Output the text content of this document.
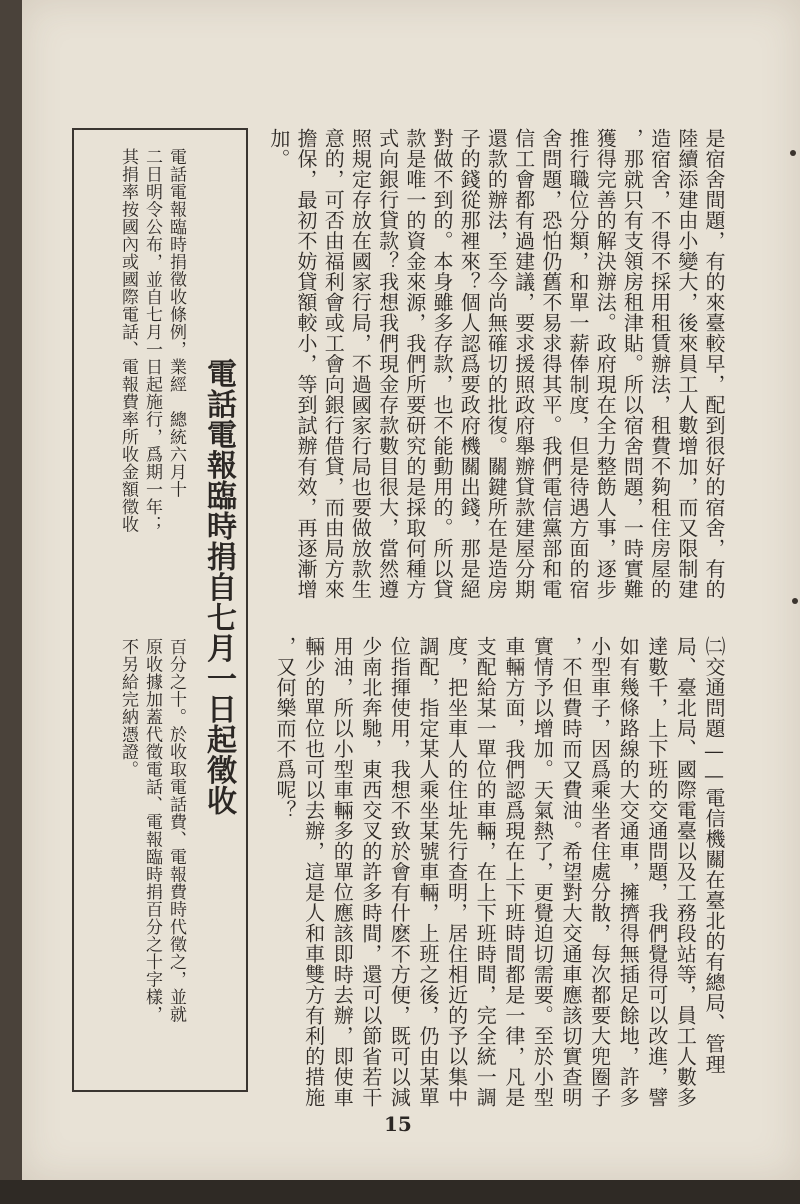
是宿舍間題，有的來臺較早，配到很好的宿舍，有的
陸續添建由小變大，後來員工人數增加，而又限制建
造宿舍，不得不採用租賃辦法，租費不夠租住房屋的
，那就只有支領房租津貼。所以宿舍問題，一時實難
獲得完善的解決辦法。政府現在全力整飭人事，逐步
推行職位分類，和單一薪俸制度，但是待遇方面的宿
舍問題，恐怕仍舊不易求得其平。我們電信黨部和電
信工會都有過建議，要求援照政府舉辦貸款建屋分期
還款的辦法，至今尚無確切的批復。關鍵所在是造房
子的錢從那裡來？個人認爲要政府機關出錢，那是絕
對做不到的。本身雖多存款，也不能動用的。所以貸
款是唯一的資金來源，我們所要研究的是採取何種方
式向銀行貸款？我想我們現金存款數目很大，當然遵
照規定存放在國家行局，不過國家行局也要做放款生
意的，可否由福利會或工會向銀行借貸，而由局方來
擔保，最初不妨貸額較小，等到試辦有效，再逐漸增
加。
㈡交通問題——電信機關在臺北的有總局、管理
局、臺北局、國際電臺以及工務段站等，員工人數多
達數千，上下班的交通問題，我們覺得可以改進，譬
如有幾條路線的大交通車，擁擠得無插足餘地，許多
小型車子，因爲乘坐者住處分散，每次都要大兜圈子
，不但費時而又費油。希望對大交通車應該切實查明
實情予以增加。天氣熱了，更覺迫切需要。至於小型
車輛方面，我們認爲現在上下班時間都是一律，凡是
支配給某一單位的車輛，在上下班時間，完全統一調
度，把坐車人的住址先行查明，居住相近的予以集中
調配，指定某人乘坐某號車輛，上班之後，仍由某單
位指揮使用，我想不致於會有什麽不方便，既可以減
少南北奔馳，東西交叉的許多時間，還可以節省若干
用油，所以小型車輛多的單位應該即時去辦，即使車
輛少的單位也可以去辦，這是人和車雙方有利的措施
，又何樂而不爲呢？
電話電報臨時捐自七月一日起徵收
電話電報臨時捐徵收條例，業經　總統六月十
二日明令公布，並自七月一日起施行，爲期一年；
其捐率按國內或國際電話、電報費率所收金額徵收
百分之十。於收取電話費、電報費時代徵之，並就
原收據加蓋代徵電話、電報臨時捐百分之十字樣，
不另給完納憑證。
15
